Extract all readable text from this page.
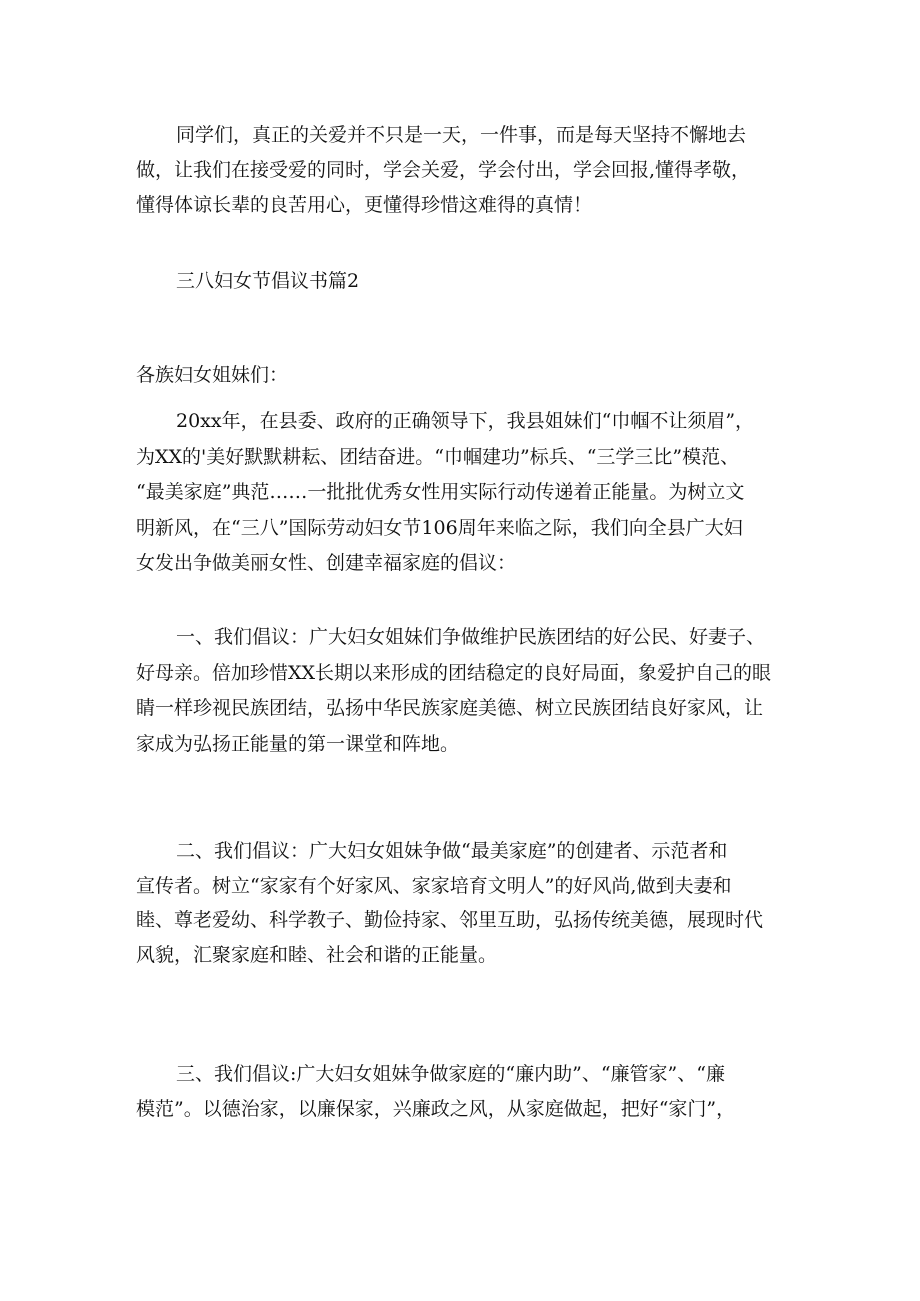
同学们，真正的关爱并不只是一天，一件事，而是每天坚持不懈地去
做，让我们在接受爱的同时，学会关爱，学会付出，学会回报,懂得孝敬，
懂得体谅长辈的良苦用心，更懂得珍惜这难得的真情！
三八妇女节倡议书篇2
各族妇女姐妹们：
20xx年，在县委、政府的正确领导下，我县姐妹们“巾帼不让须眉”，
为XX的'美好默默耕耘、团结奋进。“巾帼建功”标兵、“三学三比”模范、
“最美家庭”典范……一批批优秀女性用实际行动传递着正能量。为树立文
明新风，在“三八”国际劳动妇女节106周年来临之际，我们向全县广大妇
女发出争做美丽女性、创建幸福家庭的倡议：
一、我们倡议：广大妇女姐妹们争做维护民族团结的好公民、好妻子、
好母亲。倍加珍惜XX长期以来形成的团结稳定的良好局面，象爱护自己的眼
睛一样珍视民族团结，弘扬中华民族家庭美德、树立民族团结良好家风，让
家成为弘扬正能量的第一课堂和阵地。
二、我们倡议：广大妇女姐妹争做“最美家庭”的创建者、示范者和
宣传者。树立“家家有个好家风、家家培育文明人”的好风尚,做到夫妻和
睦、尊老爱幼、科学教子、勤俭持家、邻里互助，弘扬传统美德，展现时代
风貌，汇聚家庭和睦、社会和谐的正能量。
三、我们倡议:广大妇女姐妹争做家庭的“廉内助”、“廉管家”、“廉
模范”。以德治家，以廉保家，兴廉政之风，从家庭做起，把好“家门”，
